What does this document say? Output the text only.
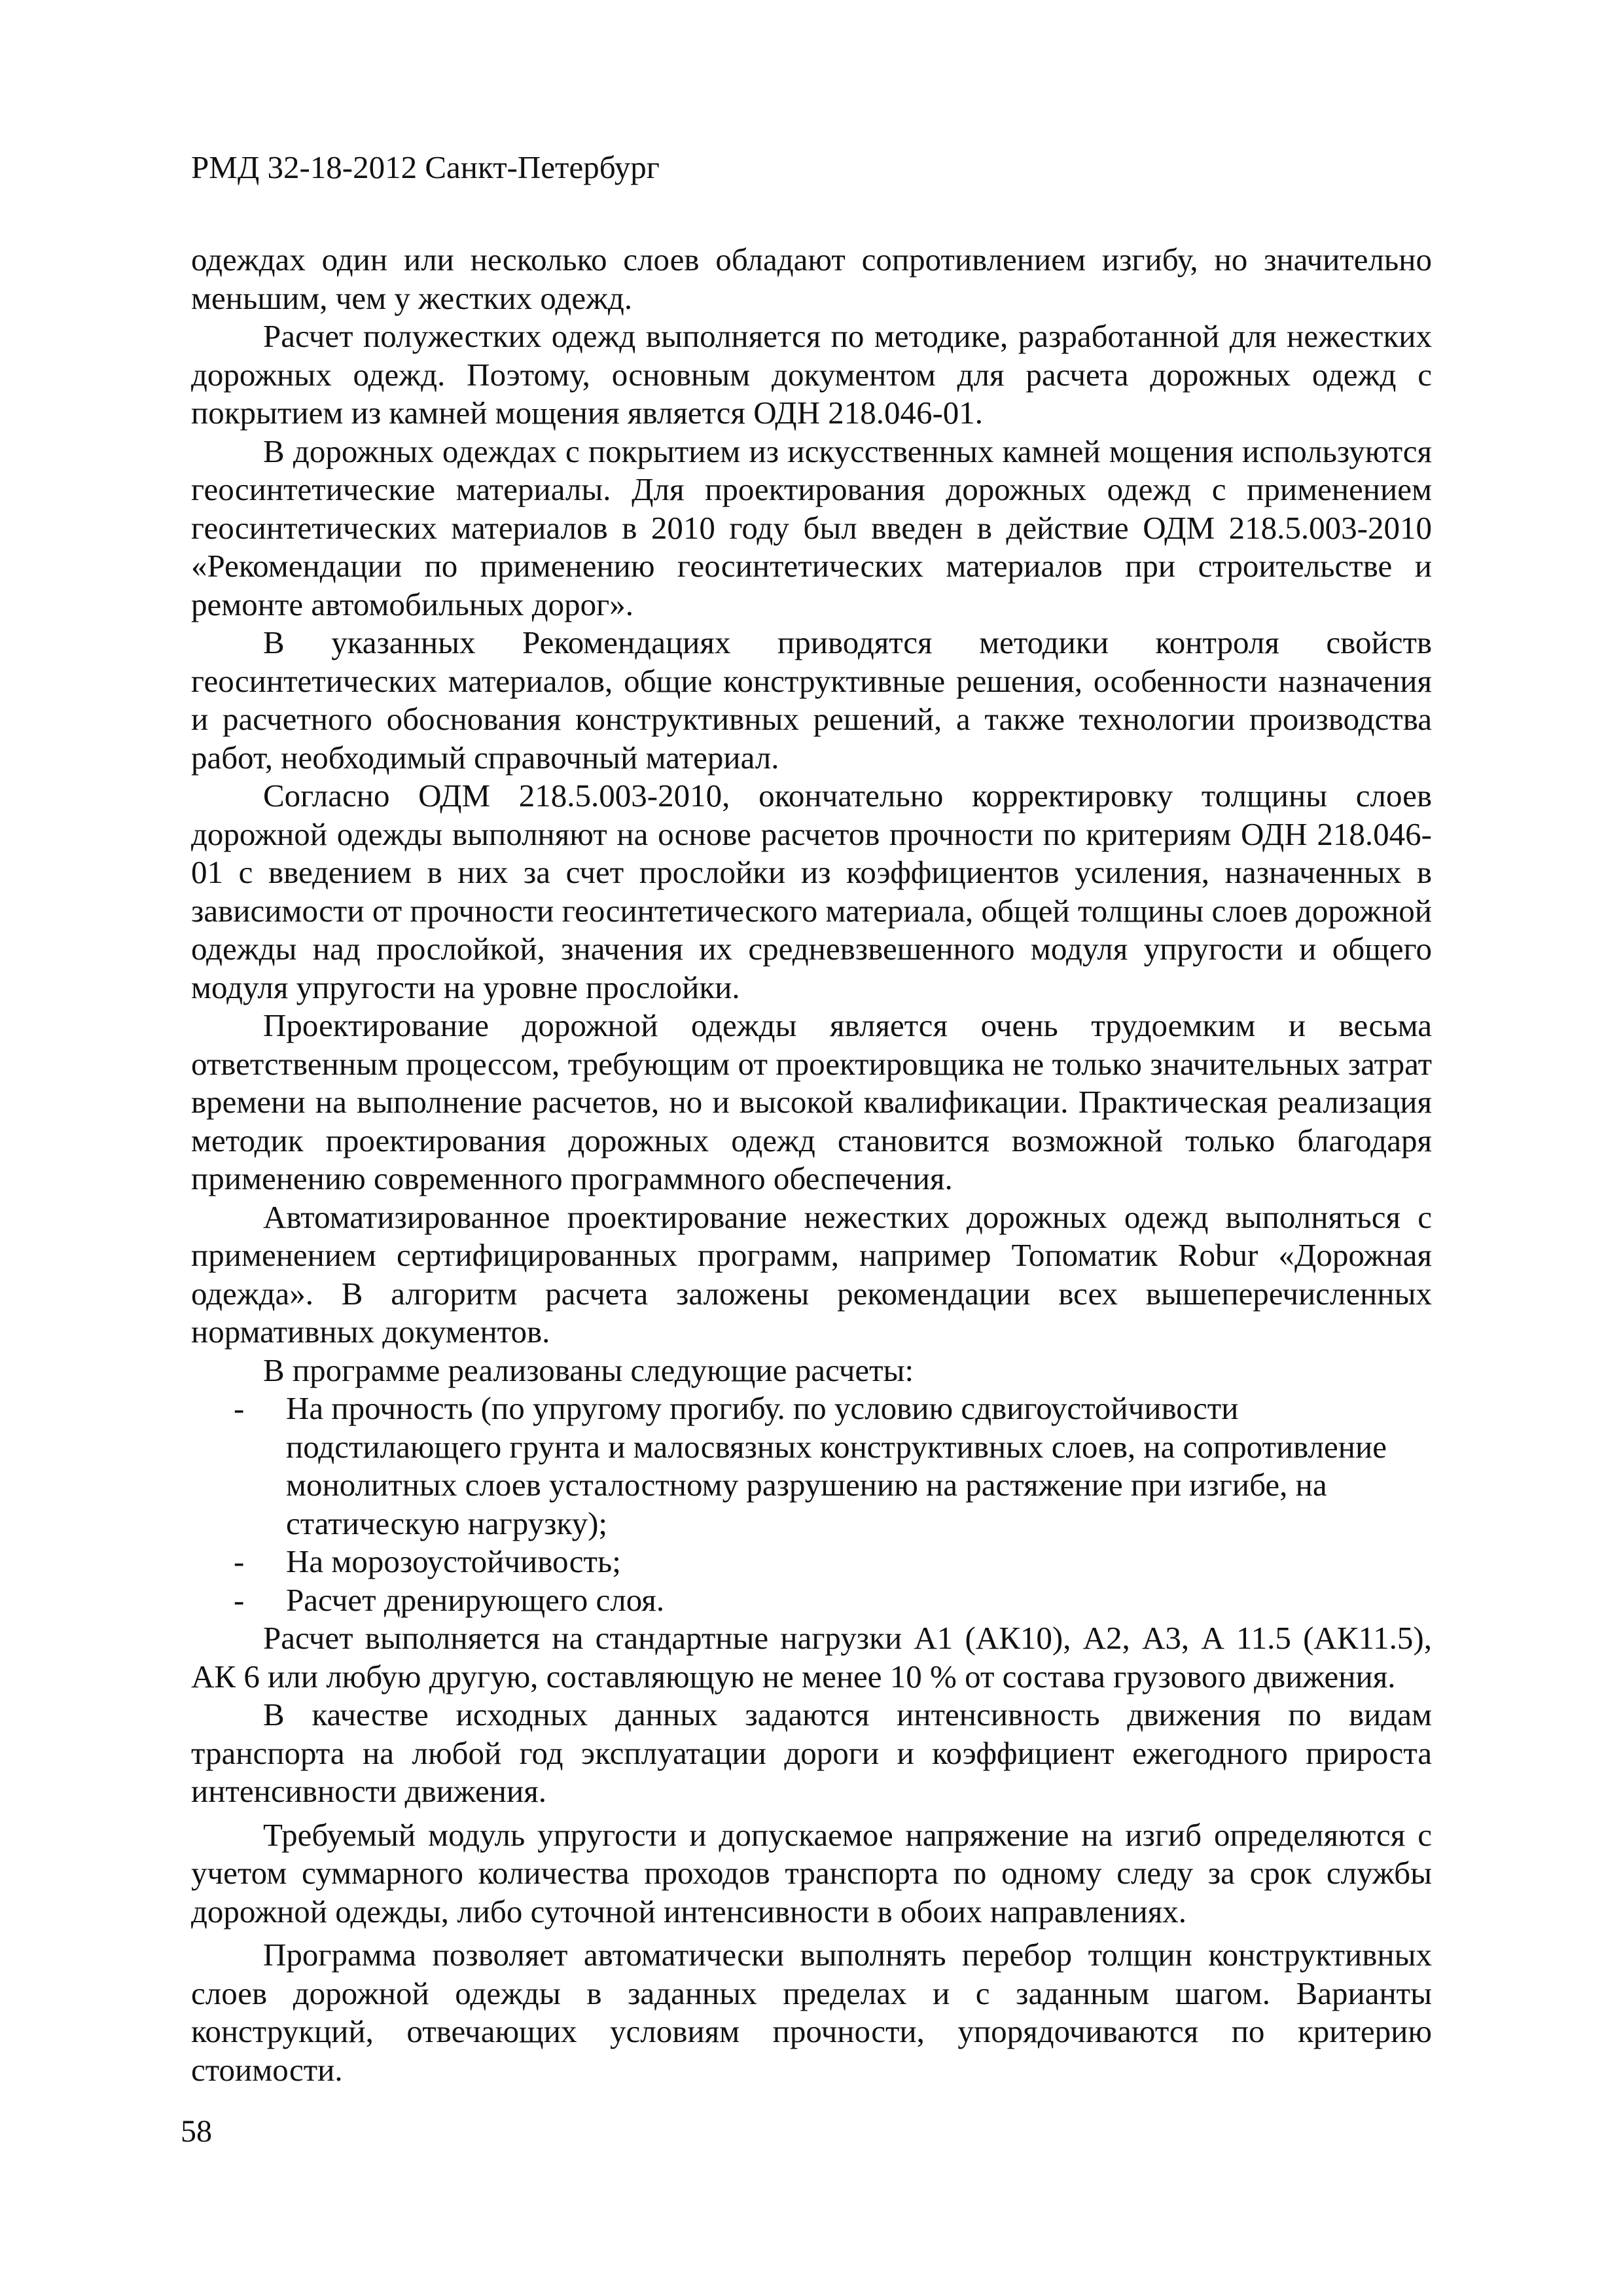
РМД 32-18-2012 Санкт-Петербург

одеждах один или несколько слоев обладают сопротивлением изгибу, но значительно меньшим, чем у жестких одежд.

Расчет полужестких одежд выполняется по методике, разработанной для нежестких дорожных одежд. Поэтому, основным документом для расчета дорожных одежд с покрытием из камней мощения является ОДН 218.046-01.

В дорожных одеждах с покрытием из искусственных камней мощения используются геосинтетические материалы. Для проектирования дорожных одежд с применением геосинтетических материалов в 2010 году был введен в действие ОДМ 218.5.003-2010 «Рекомендации по применению геосинтетических материалов при строительстве и ремонте автомобильных дорог».

В указанных Рекомендациях приводятся методики контроля свойств геосинтетических материалов, общие конструктивные решения, особенности назначения и расчетного обоснования конструктивных решений, а также технологии производства работ, необходимый справочный материал.

Согласно ОДМ 218.5.003-2010, окончательно корректировку толщины слоев дорожной одежды выполняют на основе расчетов прочности по критериям ОДН 218.046-01 с введением в них за счет прослойки из коэффициентов усиления, назначенных в зависимости от прочности геосинтетического материала, общей толщины слоев дорожной одежды над прослойкой, значения их средневзвешенного модуля упругости и общего модуля упругости на уровне прослойки.

Проектирование дорожной одежды является очень трудоемким и весьма ответственным процессом, требующим от проектировщика не только значительных затрат времени на выполнение расчетов, но и высокой квалификации. Практическая реализация методик проектирования дорожных одежд становится возможной только благодаря применению современного программного обеспечения.

Автоматизированное проектирование нежестких дорожных одежд выполняться с применением сертифицированных программ, например Топоматик Robur «Дорожная одежда». В алгоритм расчета заложены рекомендации всех вышеперечисленных нормативных документов.

В программе реализованы следующие расчеты:

- На прочность (по упругому прогибу. по условию сдвигоустойчивости подстилающего грунта и малосвязных конструктивных слоев, на сопротивление монолитных слоев усталостному разрушению на растяжение при изгибе, на статическую нагрузку);
- На морозоустойчивость;
- Расчет дренирующего слоя.

Расчет выполняется на стандартные нагрузки А1 (АК10), А2, А3, А 11.5 (АК11.5), АК 6 или любую другую, составляющую не менее 10 % от состава грузового движения.

В качестве исходных данных задаются интенсивность движения по видам транспорта на любой год эксплуатации дороги и коэффициент ежегодного прироста интенсивности движения.

Требуемый модуль упругости и допускаемое напряжение на изгиб определяются с учетом суммарного количества проходов транспорта по одному следу за срок службы дорожной одежды, либо суточной интенсивности в обоих направлениях.

Программа позволяет автоматически выполнять перебор толщин конструктивных слоев дорожной одежды в заданных пределах и с заданным шагом. Варианты конструкций, отвечающих условиям прочности, упорядочиваются по критерию стоимости.

58
